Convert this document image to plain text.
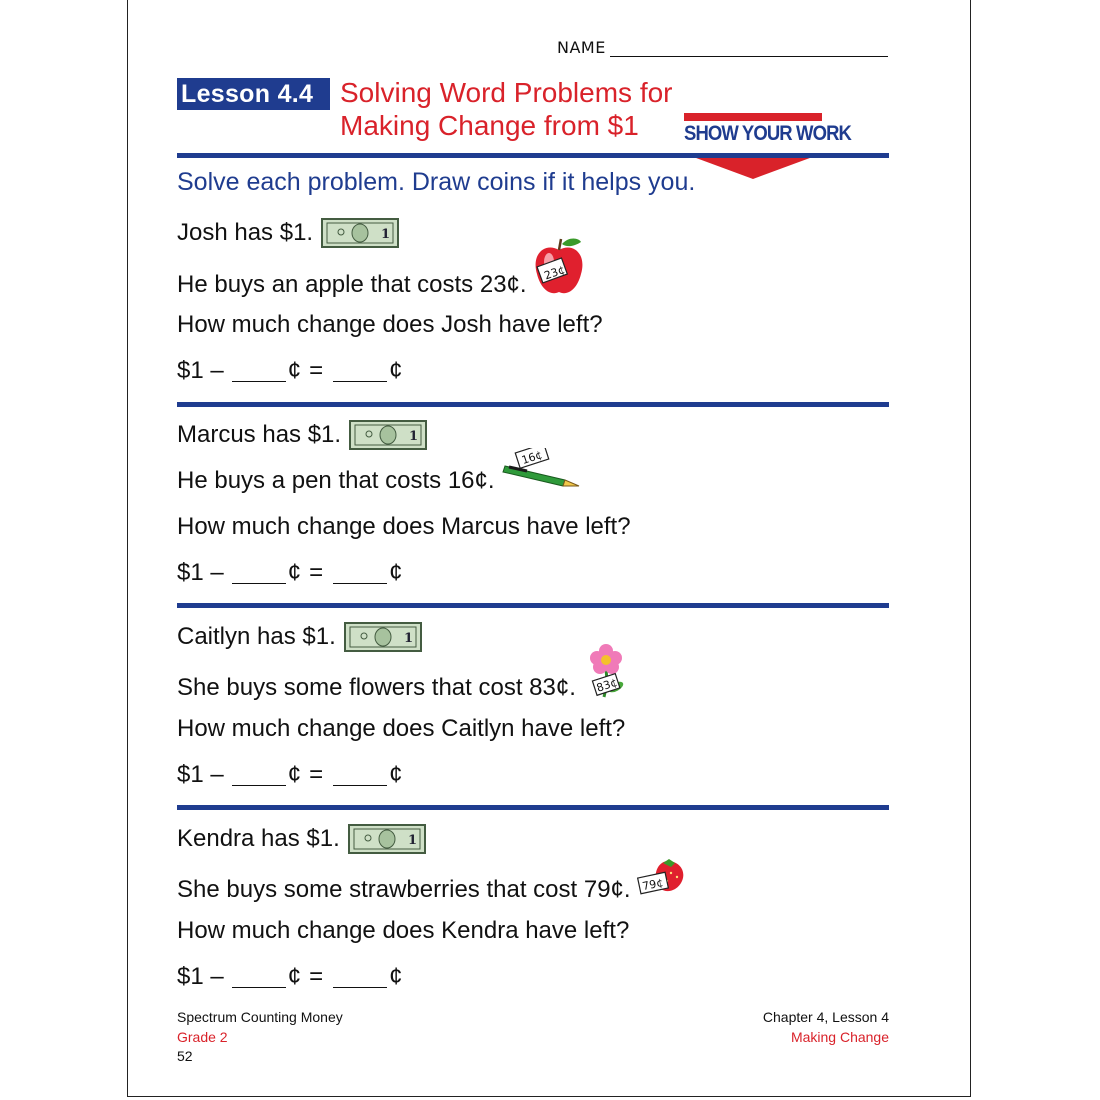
NAME
Lesson 4.4 Solving Word Problems for
Making Change from $1	SHOW YOUR WORK
Solve each problem. Draw coins if it helps you.
Josh has $1.	1
He buys an apple that costs 23¢. 23¢
How much change does Josh have left?
$1 –	¢ =	¢
Marcus has $1.	1
He buys a pen that costs 16¢.
16¢
How much change does Marcus have left?
$1 –	¢ =	¢
Caitlyn has $1.	1
She buys some flowers that cost 83¢. 83¢
How much change does Caitlyn have left?
$1 –	¢ =	¢
Kendra has $1.	1
She buys some strawberries that cost 79¢. 79¢
How much change does Kendra have left?
$1 –	¢ =	¢
Spectrum Counting Money
Grade 2
52
Chapter 4, Lesson 4
Making Change
